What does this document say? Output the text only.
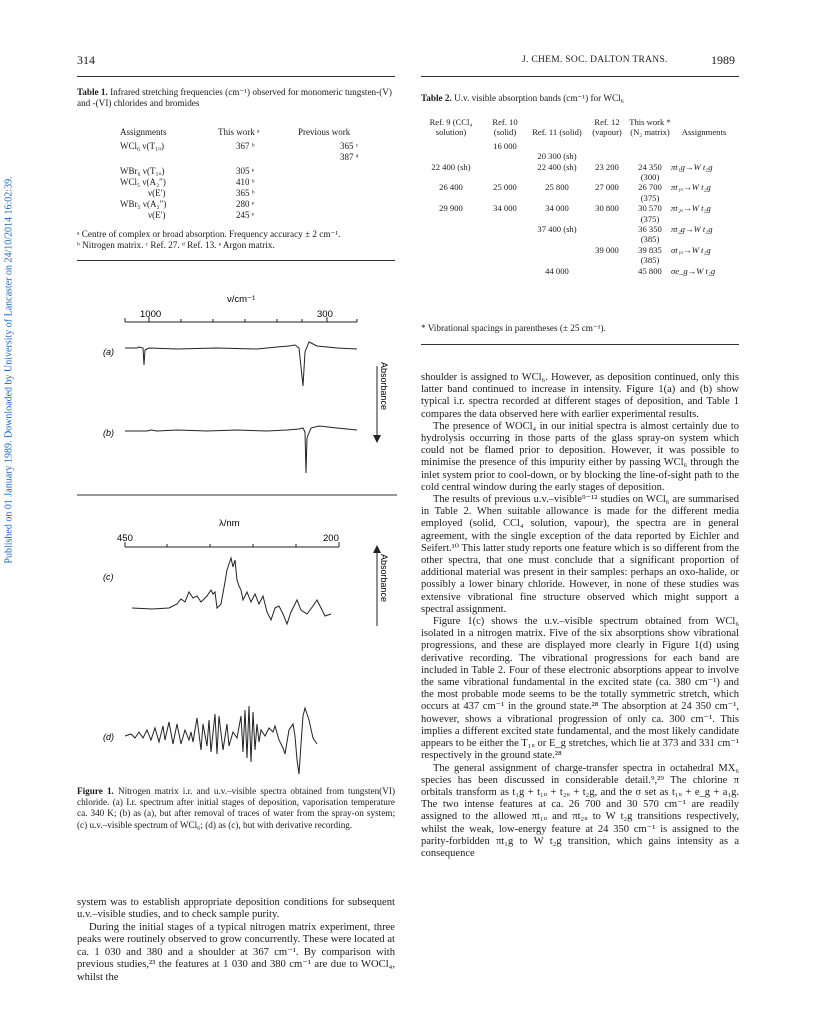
Published on 01 January 1989. Downloaded by University of Lancaster on 24/10/2014 16:02:39.
314	J. CHEM. SOC. DALTON TRANS.	1989
Table 1. Infrared stretching frequencies (cm⁻¹) observed for monomeric tungsten-(V) and -(VI) chlorides and bromides
Assignments	This work ᵃ	Previous work
WCl₆ ν(T₁ᵤ)	367 ᵇ	365 ᶜ
		387 ᵈ
WBr₆ ν(T₁ᵤ)	305 ᵉ	
WCl₅ ν(A₂″)	410 ᵇ	
ν(E′)	365 ᵇ	
WBr₅ ν(A₂″)	280 ᵉ	
ν(E′)	245 ᵉ	
ᵃ Centre of complex or broad absorption. Frequency accuracy ± 2 cm⁻¹.
ᵇ Nitrogen matrix. ᶜ Ref. 27. ᵈ Ref. 13. ᵉ Argon matrix.
ν/cm⁻¹
1000	300
(a)
(b)
Absorbance
λ/nm
450	200
(c)	Absorbance
(d)
Figure 1. Nitrogen matrix i.r. and u.v.–visible spectra obtained from tungsten(VI) chloride. (a) I.r. spectrum after initial stages of deposition, vaporisation temperature ca. 340 K; (b) as (a), but after removal of traces of water from the spray-on system; (c) u.v.–visible spectrum of WCl₆; (d) as (c), but with derivative recording.

system was to establish appropriate deposition conditions for subsequent u.v.–visible studies, and to check sample purity.

During the initial stages of a typical nitrogen matrix experiment, three peaks were routinely observed to grow concurrently. These were located at ca. 1 030 and 380 and a shoulder at 367 cm⁻¹. By comparison with previous studies,²³ the features at 1 030 and 380 cm⁻¹ are due to WOCl₄, whilst the

Table 2. U.v. visible absorption bands (cm⁻¹) for WCl₆
Ref. 9 (CCl₄ solution)	Ref. 10 (solid)	Ref. 11 (solid)	Ref. 12 (vapour)	This work * (N₂ matrix)	Assignments

	16 000				
		20 300 (sh)			
22 400 (sh)		22 400 (sh)	23 200	24 350	πt₁g→W t₂g
				(300)	
26 400	25 000	25 800	27 000	26 700	πt₁ᵤ→W t₂g
				(375)	
29 900	34 000	34 000	30 800	30 570	πt₂ᵤ→W t₂g
				(375)	
		37 400 (sh)		36 350	πt₂g→W t₂g
				(385)	
			39 000	39 835	σt₁ᵤ→W t₂g
				(385)	
		44 000		45 800	σe_g→W t₂g
* Vibrational spacings in parentheses (± 25 cm⁻¹).

shoulder is assigned to WCl₆. However, as deposition continued, only this latter band continued to increase in intensity. Figure 1(a) and (b) show typical i.r. spectra recorded at different stages of deposition, and Table 1 compares the data observed here with earlier experimental results.

The presence of WOCl₄ in our initial spectra is almost certainly due to hydrolysis occurring in those parts of the glass spray-on system which could not be flamed prior to deposition. However, it was possible to minimise the presence of this impurity either by passing WCl₆ through the inlet system prior to cool-down, or by blocking the line-of-sight path to the cold central window during the early stages of deposition.

The results of previous u.v.–visible⁹⁻¹² studies on WCl₆ are summarised in Table 2. When suitable allowance is made for the different media employed (solid, CCl₄ solution, vapour), the spectra are in general agreement, with the single exception of the data reported by Eichler and Seifert.¹⁰ This latter study reports one feature which is so different from the other spectra, that one must conclude that a significant proportion of additional material was present in their samples: perhaps an oxo-halide, or possibly a lower binary chloride. However, in none of these studies was extensive vibrational fine structure observed which might support a spectral assignment.

Figure 1(c) shows the u.v.–visible spectrum obtained from WCl₆ isolated in a nitrogen matrix. Five of the six absorptions show vibrational progressions, and these are displayed more clearly in Figure 1(d) using derivative recording. The vibrational progressions for each band are included in Table 2. Four of these electronic absorptions appear to involve the same vibrational fundamental in the excited state (ca. 380 cm⁻¹) and the most probable mode seems to be the totally symmetric stretch, which occurs at 437 cm⁻¹ in the ground state.²⁸ The absorption at 24 350 cm⁻¹, however, shows a vibrational progression of only ca. 300 cm⁻¹. This implies a different excited state fundamental, and the most likely candidate appears to be either the T₁ᵤ or E_g stretches, which lie at 373 and 331 cm⁻¹ respectively in the ground state.²⁸

The general assignment of charge-transfer spectra in octahedral MX₆ species has been discussed in considerable detail.⁹,²⁹ The chlorine π orbitals transform as t₁g + t₁ᵤ + t₂ᵤ + t₂g, and the σ set as t₁ᵤ + e_g + a₁g. The two intense features at ca. 26 700 and 30 570 cm⁻¹ are readily assigned to the allowed πt₁ᵤ and πt₂ᵤ to W t₂g transitions respectively, whilst the weak, low-energy feature at 24 350 cm⁻¹ is assigned to the parity-forbidden πt₁g to W t₂g transition, which gains intensity as a consequence
